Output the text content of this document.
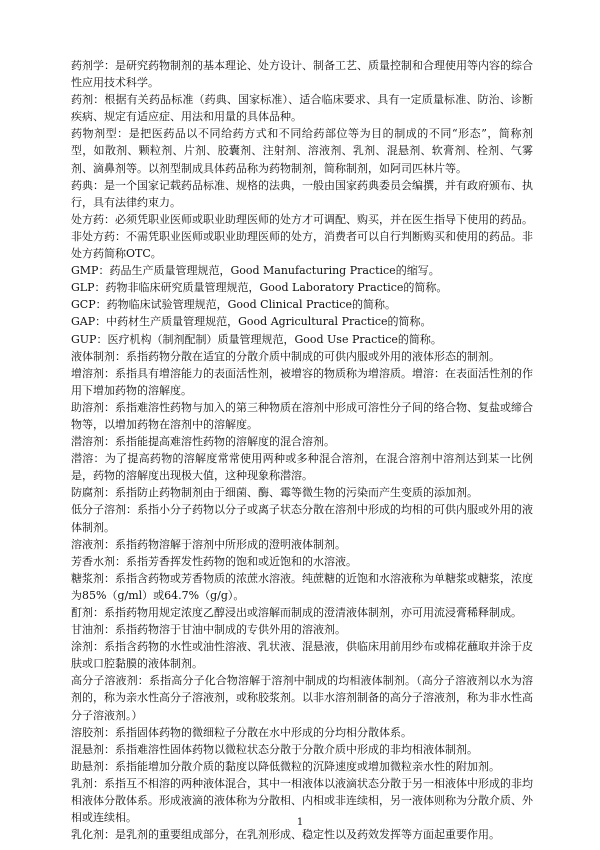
药剂学：是研究药物制剂的基本理论、处方设计、制备工艺、质量控制和合理使用等内容的综合性应用技术科学。

药剂：根据有关药品标准（药典、国家标准）、适合临床要求、具有一定质量标准、防治、诊断疾病、规定有适应症、用法和用量的具体品种。

药物剂型：是把医药品以不同给药方式和不同给药部位等为目的制成的不同“形态”，简称剂型，如散剂、颗粒剂、片剂、胶囊剂、注射剂、溶液剂、乳剂、混悬剂、软膏剂、栓剂、气雾剂、滴鼻剂等。以剂型制成具体药品称为药物制剂，简称制剂，如阿司匹林片等。

药典：是一个国家记载药品标准、规格的法典，一般由国家药典委员会编撰，并有政府颁布、执行，具有法律约束力。

处方药：必须凭职业医师或职业助理医师的处方才可调配、购买，并在医生指导下使用的药品。

非处方药：不需凭职业医师或职业助理医师的处方，消费者可以自行判断购买和使用的药品。非处方药简称OTC。

GMP：药品生产质量管理规范，Good Manufacturing Practice的缩写。

GLP：药物非临床研究质量管理规范，Good Laboratory Practice的简称。

GCP：药物临床试验管理规范，Good Clinical Practice的简称。

GAP：中药材生产质量管理规范，Good Agricultural Practice的简称。

GUP：医疗机构（制剂配制）质量管理规范，Good Use Practice的简称。

液体制剂：系指药物分散在适宜的分散介质中制成的可供内服或外用的液体形态的制剂。

增溶剂：系指具有增溶能力的表面活性剂，被增容的物质称为增溶质。增溶：在表面活性剂的作用下增加药物的溶解度。

助溶剂：系指难溶性药物与加入的第三种物质在溶剂中形成可溶性分子间的络合物、复盐或缔合物等，以增加药物在溶剂中的溶解度。

潜溶剂：系指能提高难溶性药物的溶解度的混合溶剂。

潜溶：为了提高药物的溶解度常常使用两种或多种混合溶剂，在混合溶剂中溶剂达到某一比例是，药物的溶解度出现极大值，这种现象称潜溶。

防腐剂：系指防止药物制剂由于细菌、酶、霉等微生物的污染而产生变质的添加剂。

低分子溶剂：系指小分子药物以分子或离子状态分散在溶剂中形成的均相的可供内服或外用的液体制剂。

溶液剂：系指药物溶解于溶剂中所形成的澄明液体制剂。

芳香水剂：系指芳香挥发性药物的饱和或近饱和的水溶液。

糖浆剂：系指含药物或芳香物质的浓蔗水溶液。纯蔗糖的近饱和水溶液称为单糖浆或糖浆，浓度为85%（g/ml）或64.7%（g/g）。

酊剂：系指药物用规定浓度乙醇浸出或溶解而制成的澄清液体制剂，亦可用流浸膏稀释制成。

甘油剂：系指药物溶于甘油中制成的专供外用的溶液剂。

涂剂：系指含药物的水性或油性溶液、乳状液、混悬液，供临床用前用纱布或棉花蘸取并涂于皮肤或口腔黏膜的液体制剂。

高分子溶液剂：系指高分子化合物溶解于溶剂中制成的均相液体制剂。（高分子溶液剂以水为溶剂的，称为亲水性高分子溶液剂，或称胶浆剂。以非水溶剂制备的高分子溶液剂，称为非水性高分子溶液剂。）

溶胶剂：系指固体药物的微细粒子分散在水中形成的分均相分散体系。

混悬剂：系指难溶性固体药物以微粒状态分散于分散介质中形成的非均相液体制剂。

助悬剂：系指能增加分散介质的黏度以降低微粒的沉降速度或增加微粒亲水性的附加剂。

乳剂：系指互不相溶的两种液体混合，其中一相液体以液滴状态分散于另一相液体中形成的非均相液体分散体系。形成液滴的液体称为分散相、内相或非连续相，另一液体则称为分散介质、外相或连续相。

乳化剂：是乳剂的重要组成部分，在乳剂形成、稳定性以及药效发挥等方面起重要作用。

1
